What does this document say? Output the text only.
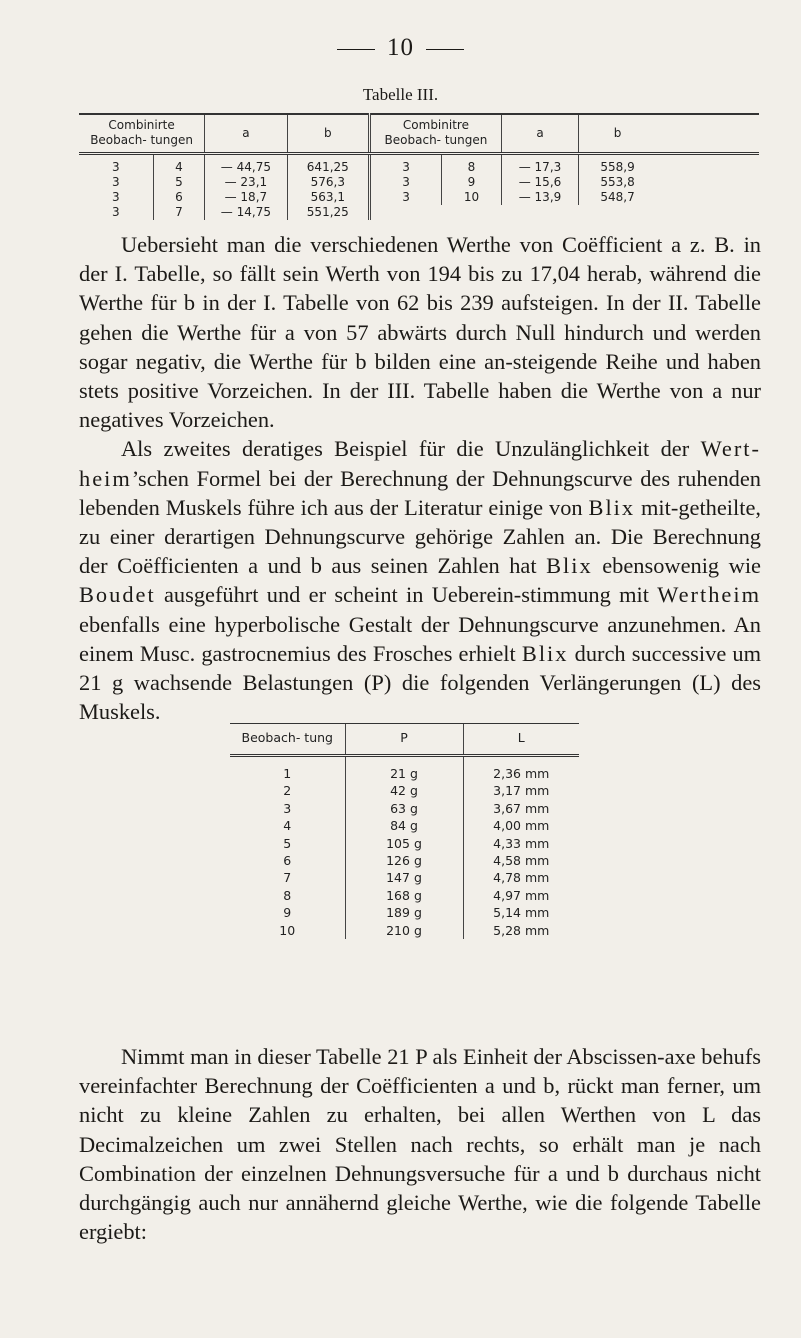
10
Tabelle III.
Combinirte Beobach- tungen		a	b	Combinitre Beobach- tungen		a	b	
3	4	— 44,75	641,25	3	8	— 17,3	558,9	
3	5	— 23,1	576,3	3	9	— 15,6	553,8	
3	6	— 18,7	563,1	3	10	— 13,9	548,7	
3	7	— 14,75	551,25					

Uebersieht man die verschiedenen Werthe von Coëfficient a z. B. in der I. Tabelle, so fällt sein Werth von 194 bis zu 17,04 herab, während die Werthe für b in der I. Tabelle von 62 bis 239 aufsteigen. In der II. Tabelle gehen die Werthe für a von 57 abwärts durch Null hindurch und werden sogar negativ, die Werthe für b bilden eine an-steigende Reihe und haben stets positive Vorzeichen. In der III. Tabelle haben die Werthe von a nur negatives Vorzeichen.

Als zweites deratiges Beispiel für die Unzulänglichkeit der Wert-heim’schen Formel bei der Berechnung der Dehnungscurve des ruhenden lebenden Muskels führe ich aus der Literatur einige von Blix mit-getheilte, zu einer derartigen Dehnungscurve gehörige Zahlen an. Die Berechnung der Coëfficienten a und b aus seinen Zahlen hat Blix ebensowenig wie Boudet ausgeführt und er scheint in Ueberein-stimmung mit Wertheim ebenfalls eine hyperbolische Gestalt der Dehnungscurve anzunehmen. An einem Musc. gastrocnemius des Frosches erhielt Blix durch successive um 21 g wachsende Belastungen (P) die folgenden Verlängerungen (L) des Muskels.

Beobach- tung	P	L
1	21 g	2,36 mm
2	42 g	3,17 mm
3	63 g	3,67 mm
4	84 g	4,00 mm
5	105 g	4,33 mm
6	126 g	4,58 mm
7	147 g	4,78 mm
8	168 g	4,97 mm
9	189 g	5,14 mm
10	210 g	5,28 mm

Nimmt man in dieser Tabelle 21 P als Einheit der Abscissen-axe behufs vereinfachter Berechnung der Coëfficienten a und b, rückt man ferner, um nicht zu kleine Zahlen zu erhalten, bei allen Werthen von L das Decimalzeichen um zwei Stellen nach rechts, so erhält man je nach Combination der einzelnen Dehnungsversuche für a und b durchaus nicht durchgängig auch nur annähernd gleiche Werthe, wie die folgende Tabelle ergiebt:
